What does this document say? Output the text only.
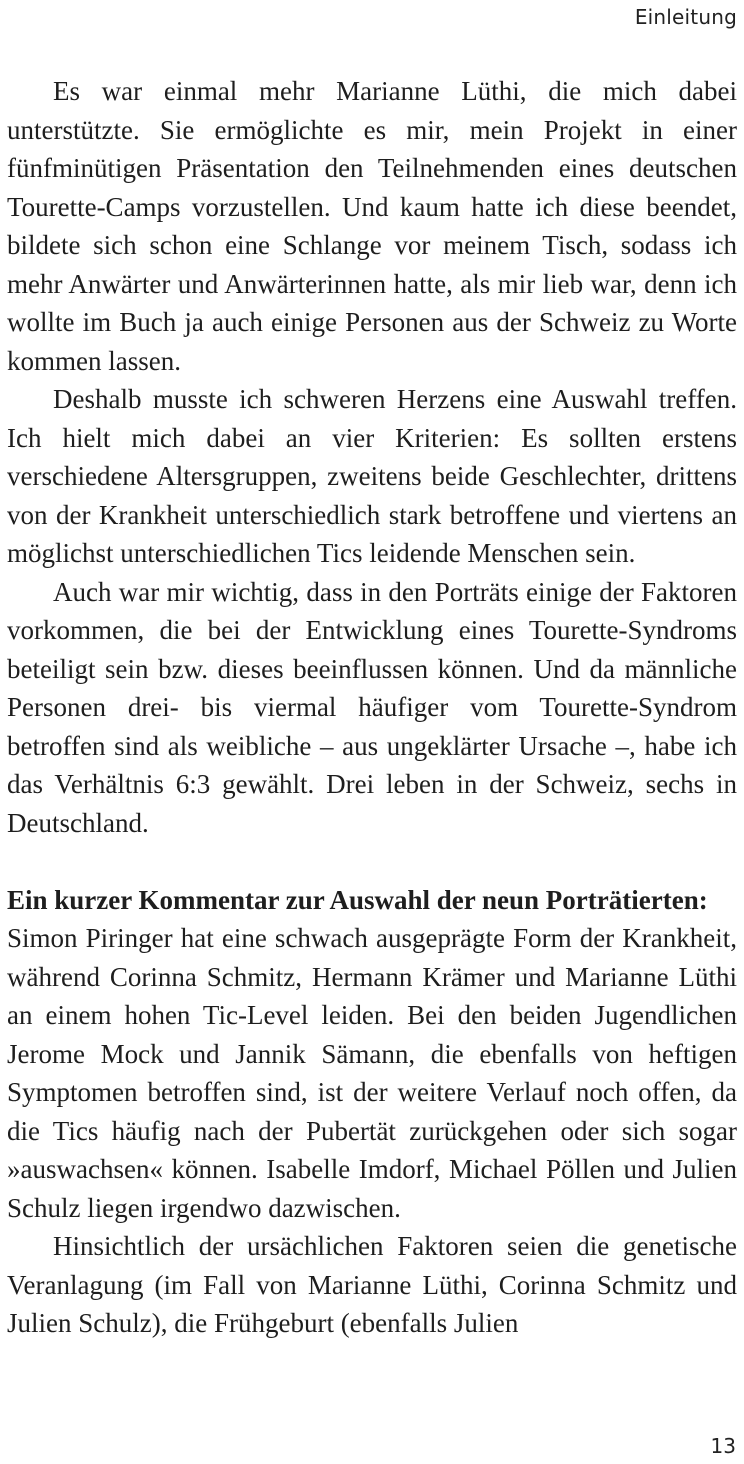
Einleitung

Es war einmal mehr Marianne Lüthi, die mich dabei unterstützte. Sie ermöglichte es mir, mein Projekt in einer fünfminütigen Präsentation den Teilnehmenden eines deutschen Tourette-Camps vorzustellen. Und kaum hatte ich diese beendet, bildete sich schon eine Schlange vor meinem Tisch, sodass ich mehr Anwärter und Anwärterinnen hatte, als mir lieb war, denn ich wollte im Buch ja auch einige Personen aus der Schweiz zu Worte kommen lassen.

Deshalb musste ich schweren Herzens eine Auswahl treffen. Ich hielt mich dabei an vier Kriterien: Es sollten erstens verschiedene Altersgruppen, zweitens beide Geschlechter, drittens von der Krankheit unterschiedlich stark betroffene und viertens an möglichst unterschiedlichen Tics leidende Menschen sein.

Auch war mir wichtig, dass in den Porträts einige der Faktoren vorkommen, die bei der Entwicklung eines Tourette-Syndroms beteiligt sein bzw. dieses beeinflussen können. Und da männliche Personen drei- bis viermal häufiger vom Tourette-Syndrom betroffen sind als weibliche – aus ungeklärter Ursache –, habe ich das Verhältnis 6:3 gewählt. Drei leben in der Schweiz, sechs in Deutschland.

Ein kurzer Kommentar zur Auswahl der neun Porträtierten:
Simon Piringer hat eine schwach ausgeprägte Form der Krankheit, während Corinna Schmitz, Hermann Krämer und Marianne Lüthi an einem hohen Tic-Level leiden. Bei den beiden Jugendlichen Jerome Mock und Jannik Sämann, die ebenfalls von heftigen Symptomen betroffen sind, ist der weitere Verlauf noch offen, da die Tics häufig nach der Pubertät zurückgehen oder sich sogar »auswachsen« können. Isabelle Imdorf, Michael Pöllen und Julien Schulz liegen irgendwo dazwischen.

Hinsichtlich der ursächlichen Faktoren seien die genetische Veranlagung (im Fall von Marianne Lüthi, Corinna Schmitz und Julien Schulz), die Frühgeburt (ebenfalls Julien

13
